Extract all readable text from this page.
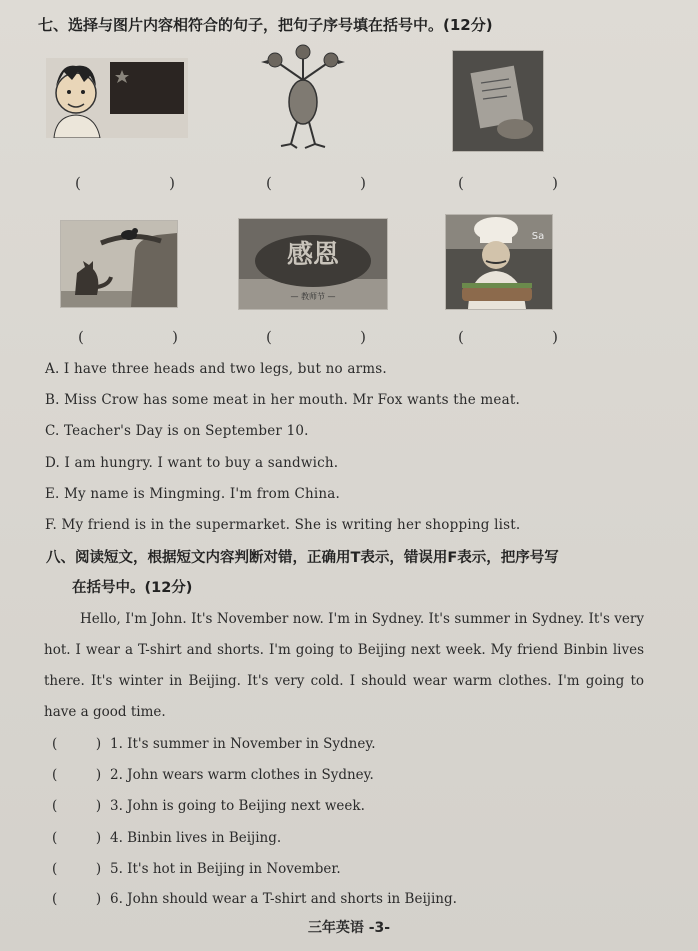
七、选择与图片内容相符合的句子，把句子序号填在括号中。(12分)
(	)	(	)	(	)
感恩
— 教师节 —
Sa
(	)	(	)	(	)
A. I have three heads and two legs, but no arms.
B. Miss Crow has some meat in her mouth. Mr Fox wants the meat.
C. Teacher's Day is on September 10.
D. I am hungry. I want to buy a sandwich.
E. My name is Mingming. I'm from China.
F. My friend is in the supermarket. She is writing her shopping list.
八、阅读短文，根据短文内容判断对错，正确用T表示，错误用F表示，把序号写
在括号中。(12分)
Hello, I'm John. It's November now. I'm in Sydney. It's summer in Sydney. It's very hot. I wear a T-shirt and shorts. I'm going to Beijing next week. My friend Binbin lives there. It's winter in Beijing. It's very cold. I should wear warm clothes. I'm going to have a good time.
(         ) 1. It's summer in November in Sydney.
(         ) 2. John wears warm clothes in Sydney.
(         ) 3. John is going to Beijing next week.
(         ) 4. Binbin lives in Beijing.
(         ) 5. It's hot in Beijing in November.
(         ) 6. John should wear a T-shirt and shorts in Beijing.
三年英语 -3-
